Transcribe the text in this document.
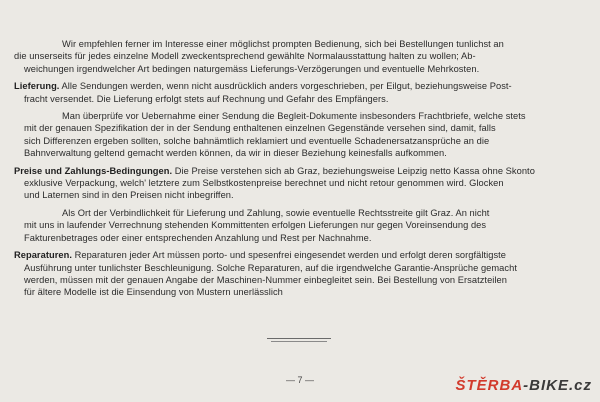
Wir empfehlen ferner im Interesse einer möglichst prompten Bedienung, sich bei Bestellungen tunlichst an
die unserseits für jedes einzelne Modell zweckentsprechend gewählte Normalausstattung halten zu wollen; Ab-
weichungen irgendwelcher Art bedingen naturgemäss Lieferungs-Verzögerungen und eventuelle Mehrkosten.
Lieferung. Alle Sendungen werden, wenn nicht ausdrücklich anders vorgeschrieben, per Eilgut, beziehungsweise Post-
fracht versendet. Die Lieferung erfolgt stets auf Rechnung und Gefahr des Empfängers.
Man überprüfe vor Uebernahme einer Sendung die Begleit-Dokumente insbesonders Frachtbriefe, welche stets
mit der genauen Spezifikation der in der Sendung enthaltenen einzelnen Gegenstände versehen sind, damit, falls
sich Differenzen ergeben sollten, solche bahnämtlich reklamiert und eventuelle Schadenersatzansprüche an die
Bahnverwaltung geltend gemacht werden können, da wir in dieser Beziehung keinesfalls aufkommen.
Preise und Zahlungs-Bedingungen. Die Preise verstehen sich ab Graz, beziehungsweise Leipzig netto Kassa ohne Skonto
exklusive Verpackung, welch' letztere zum Selbstkostenpreise berechnet und nicht retour genommen wird. Glocken
und Laternen sind in den Preisen nicht inbegriffen.
Als Ort der Verbindlichkeit für Lieferung und Zahlung, sowie eventuelle Rechtsstreite gilt Graz. An nicht
mit uns in laufender Verrechnung stehenden Kommittenten erfolgen Lieferungen nur gegen Voreinsendung des
Fakturenbetrages oder einer entsprechenden Anzahlung und Rest per Nachnahme.
Reparaturen. Reparaturen jeder Art müssen porto- und spesenfrei eingesendet werden und erfolgt deren sorgfältigste
Ausführung unter tunlichster Beschleunigung. Solche Reparaturen, auf die irgendwelche Garantie-Ansprüche gemacht
werden, müssen mit der genauen Angabe der Maschinen-Nummer einbegleitet sein. Bei Bestellung von Ersatzteilen
für ältere Modelle ist die Einsendung von Mustern unerlässlich
— 7 —	ŠTĚRBA-BIKE.cz
